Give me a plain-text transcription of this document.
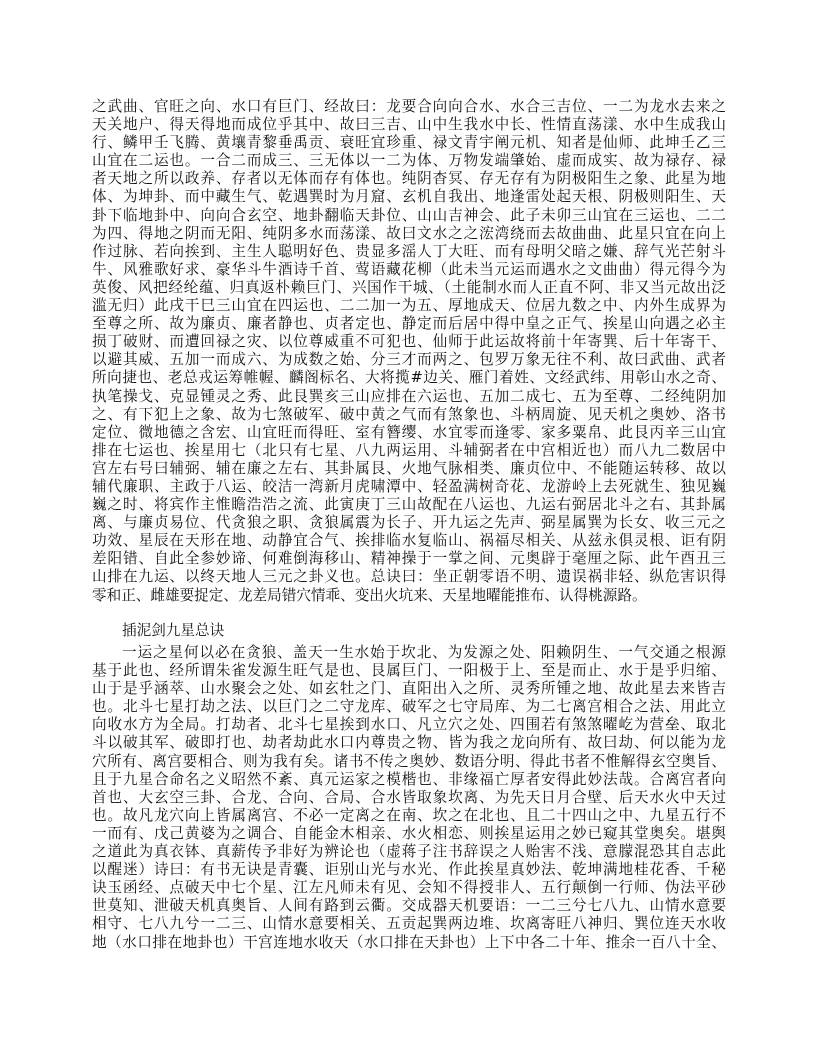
之武曲、官旺之向、水口有巨门、经故曰：龙要合向向合水、水合三吉位、一二为龙水去来之
天关地户、得天得地而成位乎其中、故曰三吉、山中生我水中长、性情直荡漾、水中生成我山
行、鳞甲壬飞腾、黄壤青黎垂禹贡、衰旺宜珍重、禄文青宇阐元机、知者是仙师、此坤壬乙三
山宜在二运也。一合二而成三、三无体以一二为体、万物发端肇始、虚而成实、故为禄存、禄
者天地之所以政养、存者以无体而存有体也。纯阴杳冥、存无存有为阴极阳生之象、此星为地
体、为坤卦、而中藏生气、乾遇巽时为月窟、玄机自我出、地逢雷处起天根、阴极则阳生、天
卦下临地卦中、向向合玄空、地卦翻临天卦位、山山吉神会、此子未卯三山宜在三运也、二二
为四、得地之阴而无阳、纯阴多水而荡漾、故曰文水之之浤湾绕而去故曲曲、此星只宜在向上
作过脉、若向挨到、主生人聪明好色、贵显多滛人丁大旺、而有母明父暗之嫌、辞气光芒射斗
牛、风雅歌好求、豪华斗牛酒诗千首、莺语藏花柳（此未当元运而遇水之文曲曲）得元得今为
英俊、风把经纶蕴、归真返朴赖巨门、兴国作干城、（土能制水而人正直不阿、非又当元故出泛
滥无归）此戌干巳三山宜在四运也、二二加一为五、厚地成天、位居九数之中、内外生成界为
至尊之所、故为廉贞、廉者静也、贞者定也、静定而后居中得中皇之正气、挨星山向遇之必主
损丁破财、而遭回禄之灾、以位尊威重不可犯也、仙师于此运故将前十年寄巽、后十年寄干、
以避其威、五加一而成六、为成数之始、分三才而两之、包罗万象无往不利、故曰武曲、武者
所向捷也、老总戎运筹帷幄、麟阁标名、大将揽#边关、雁门着姓、文经武纬、用彰山水之奇、
执笔操戈、克显锺灵之秀、此艮巽亥三山应排在六运也、五加二成七、五为至尊、二经纯阴加
之、有下犯上之象、故为七煞破军、破中黄之气而有煞象也、斗柄周旋、见天机之奥妙、洛书
定位、微地德之含宏、山宜旺而得旺、室有簪缨、水宜零而逢零、家多粟帛、此艮丙辛三山宜
排在七运也、挨星用七（北只有七星、八九两运用、斗辅弼者在中宫相近也）而八九二数居中
宫左右号曰辅弼、辅在廉之左右、其卦属艮、火地气脉相类、廉贞位中、不能随运转移、故以
辅代廉职、主政于八运、皎洁一湾新月虎啸潭中、轻盈满树奇花、龙游岭上去死就生、独见巍
巍之时、将宾作主惟瞻浩浩之流、此寅庚丁三山故配在八运也、九运右弼居北斗之右、其卦属
离、与廉贞易位、代贪狼之职、贪狼属震为长子、开九运之先声、弼星属巽为长女、收三元之
功效、星辰在天形在地、动静宜合气、挨排临水复临山、祸福尽相关、从兹永俱灵根、讵有阴
差阳错、自此全参妙谛、何难倒海移山、精神操于一掌之间、元奥辟于毫厘之际、此午酉丑三
山排在九运、以终天地人三元之卦义也。总诀曰：坐正朝零语不明、遗误祸非轻、纵危害识得
零和正、雌雄要捉定、龙差局错穴情乖、变出火坑来、天星地曜能推布、认得桃源路。
插泥剑九星总诀
一运之星何以必在贪狼、盖天一生水始于坎北、为发源之处、阳赖阴生、一气交通之根源
基于此也、经所谓朱雀发源生旺气是也、艮属巨门、一阳极于上、至是而止、水于是乎归缩、
山于是乎涵萃、山水聚会之处、如玄牡之门、直阳出入之所、灵秀所锺之地、故此星去来皆吉
也。北斗七星打劫之法、以巨门之二守龙库、破军之七守局库、为二七离宫相合之法、用此立
向收水方为全局。打劫者、北斗七星挨到水口、凡立穴之处、四围若有煞煞曜屹为营垒、取北
斗以破其军、破即打也、劫者劫此水口内尊贵之物、皆为我之龙向所有、故曰劫、何以能为龙
穴所有、离宫要相合、则为我有矣。诸书不传之奥妙、数语分明、得此书者不惟解得玄空奥旨、
且于九星合命名之义昭然不紊、真元运家之模楷也、非缘福亡厚者安得此妙法哉。合离宫者向
首也、大玄空三卦、合龙、合向、合局、合水皆取象坎离、为先天日月合壁、后天水火中天过
也。故凡龙穴向上皆属离宫、不必一定离之在南、坎之在北也、且二十四山之中、九星五行不
一而有、戊己黄婆为之调合、自能金木相亲、水火相恋、则挨星运用之妙已窥其堂奥矣。堪舆
之道此为真衣钵、真薪传予非好为辨论也（虚蒋子注书辞误之人贻害不浅、意朦混恐其自志此
以醒迷）诗曰：有书无诀是青囊、讵别山光与水光、作此挨星真妙法、乾坤满地桂花香、千秘
诀玉函经、点破天中七个星、江左凡师未有见、会知不得授非人、五行颠倒一行师、伪法平砂
世莫知、泄破天机真奥旨、人间有路到云衢。交成器天机要语：一二三兮七八九、山情水意要
相守、七八九兮一二三、山情水意要相关、五贡起巽两边堆、坎离寄旺八神归、巽位连天水收
地（水口排在地卦也）干宫连地水收天（水口排在天卦也）上下中各二十年、推余一百八十全、
